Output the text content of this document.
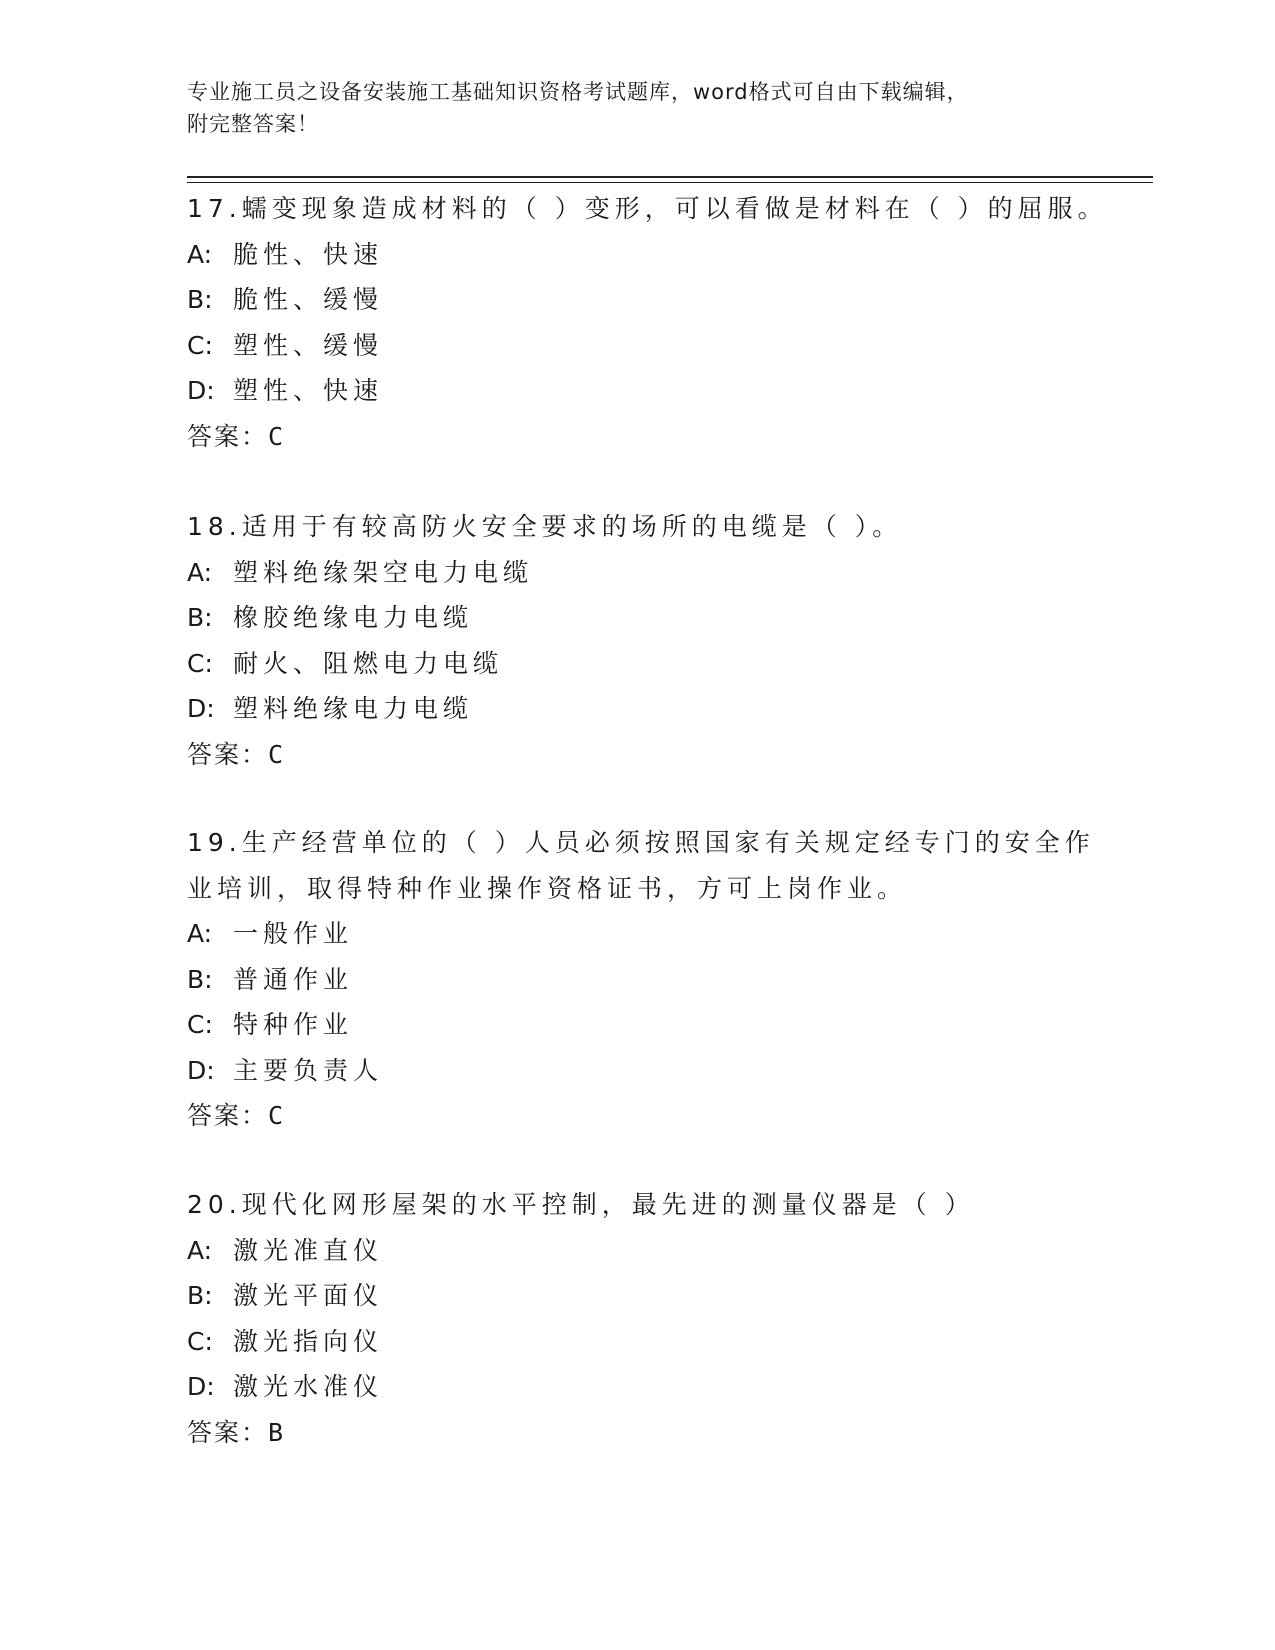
专业施工员之设备安装施工基础知识资格考试题库，word格式可自由下载编辑，
附完整答案！
17.蠕变现象造成材料的（ ）变形，可以看做是材料在（ ）的屈服。
A: 脆性、快速
B: 脆性、缓慢
C: 塑性、缓慢
D: 塑性、快速
答案：C
18.适用于有较高防火安全要求的场所的电缆是（ ）。
A: 塑料绝缘架空电力电缆
B: 橡胶绝缘电力电缆
C: 耐火、阻燃电力电缆
D: 塑料绝缘电力电缆
答案：C
19.生产经营单位的（ ）人员必须按照国家有关规定经专门的安全作
业培训，取得特种作业操作资格证书，方可上岗作业。
A: 一般作业
B: 普通作业
C: 特种作业
D: 主要负责人
答案：C
20.现代化网形屋架的水平控制，最先进的测量仪器是（ ）
A: 激光准直仪
B: 激光平面仪
C: 激光指向仪
D: 激光水准仪
答案：B
